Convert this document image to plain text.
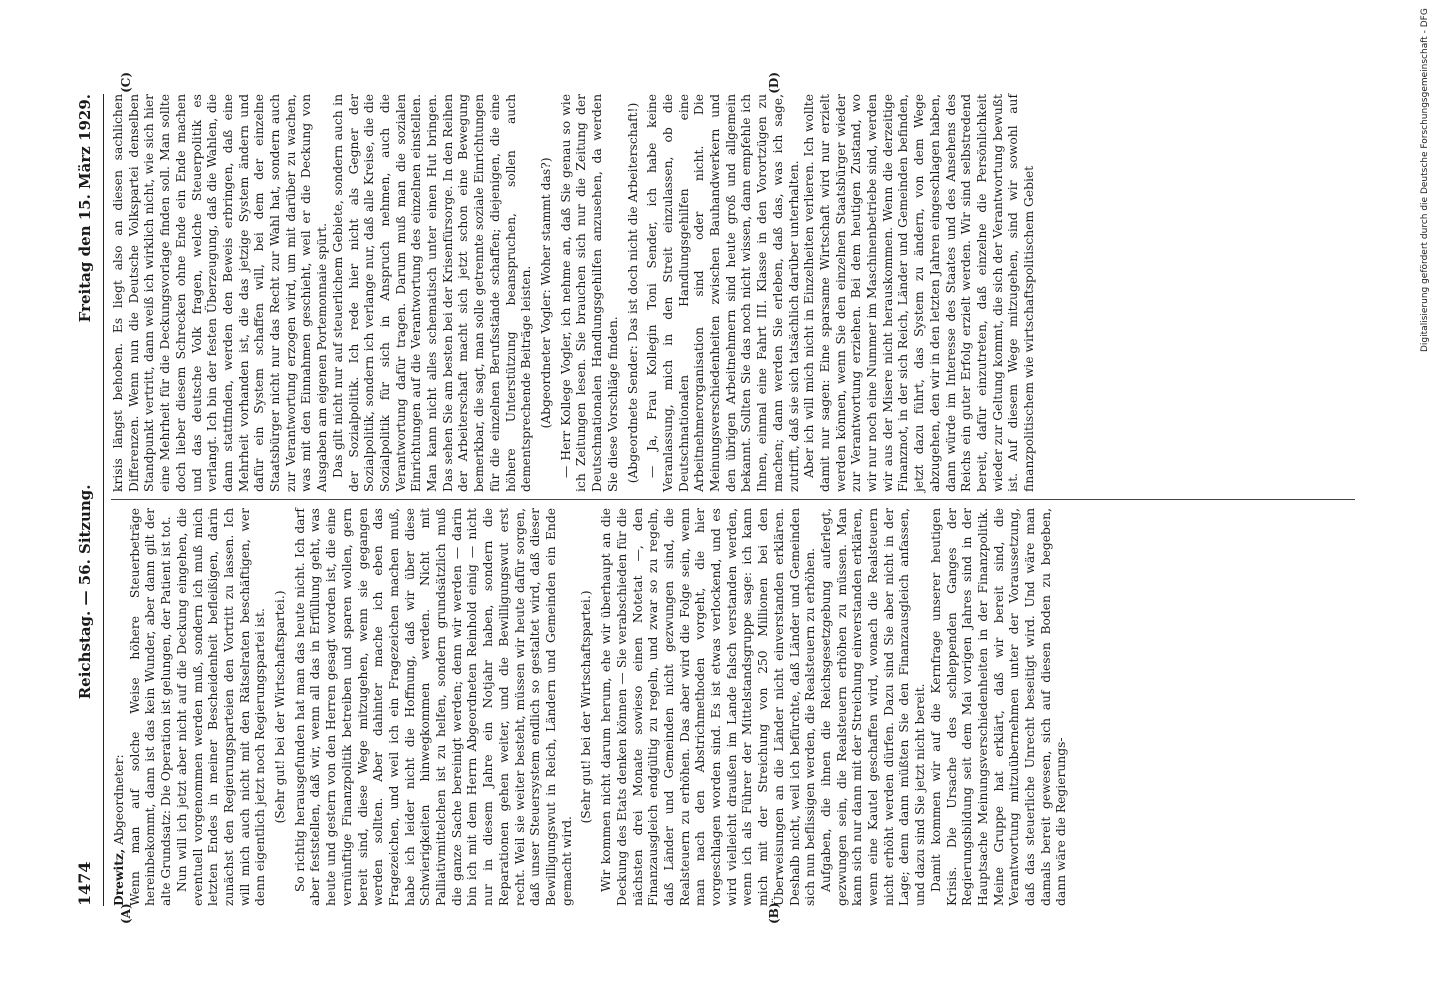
1474
Reichstag. — 56. Sitzung.
Freitag den 15. März 1929.
(A)	(B)
(C)	(D)

Drewitz, Abgeordneter: Wenn man auf solche Weise höhere Steuerbeträge hereinbekommt, dann ist das kein Wunder, aber dann gilt der alte Grundsatz: Die Operation ist gelungen, der Patient ist tot. Nun will ich jetzt aber nicht auf die Deckung eingehen, die eventuell vorgenommen werden muß, sondern ich muß mich letzten Endes in meiner Bescheidenheit befleißigen, darin zunächst den Regierungsparteien den Vortritt zu lassen. Ich will mich auch nicht mit den Rätselraten beschäftigen, wer denn eigentlich jetzt noch Regierungspartei ist. (Sehr gut! bei der Wirtschaftspartei.) So richtig herausgefunden hat man das heute nicht. Ich darf aber feststellen, daß wir, wenn all das in Erfüllung geht, was heute und gestern von den Herren gesagt worden ist, die eine vernünftige Finanzpolitik betreiben und sparen wollen, gern bereit sind, diese Wege mitzugehen, wenn sie gegangen werden sollten. Aber dahinter mache ich eben das Fragezeichen, und weil ich ein Fragezeichen machen muß, habe ich leider nicht die Hoffnung, daß wir über diese Schwierigkeiten hinwegkommen werden. Nicht mit Palliativmittelchen ist zu helfen, sondern grundsätzlich muß die ganze Sache bereinigt werden; denn wir werden — darin bin ich mit dem Herrn Abgeordneten Reinhold einig — nicht nur in diesem Jahre ein Notjahr haben, sondern die Reparationen gehen weiter, und die Bewilligungswut erst recht. Weil sie weiter besteht, müssen wir heute dafür sorgen, daß unser Steuersystem endlich so gestaltet wird, daß dieser Bewilligungswut in Reich, Ländern und Gemeinden ein Ende gemacht wird.

(Sehr gut! bei der Wirtschaftspartei.) Wir kommen nicht darum herum, ehe wir überhaupt an die Deckung des Etats denken können — Sie verabschieden für die nächsten drei Monate sowieso einen Notetat —, den Finanzausgleich endgültig zu regeln, und zwar so zu regeln, daß Länder und Gemeinden nicht gezwungen sind, die Realsteuern zu erhöhen. Das aber wird die Folge sein, wenn man nach den Abstrichmethoden vorgeht, die hier vorgeschlagen worden sind. Es ist etwas verlockend, und es wird vielleicht draußen im Lande falsch verstanden werden, wenn ich als Führer der Mittelstandsgruppe sage: ich kann mich mit der Streichung von 250 Millionen bei den Überweisungen an die Länder nicht einverstanden erklären. Deshalb nicht, weil ich befürchte, daß Länder und Gemeinden sich nun beflissigen werden, die Realsteuern zu erhöhen. Aufgaben, die ihnen die Reichsgesetzgebung auferlegt, gezwungen sein, die Realsteuern erhöhen zu müssen. Man kann sich nur dann mit der Streichung einverstanden erklären, wenn eine Kautel geschaffen wird, wonach die Realsteuern nicht erhöht werden dürfen. Dazu sind Sie aber nicht in der Lage; denn dann müßten Sie den Finanzausgleich anfassen, und dazu sind Sie jetzt nicht bereit. Damit kommen wir auf die Kernfrage unserer heutigen Krisis. Die Ursache des schleppenden Ganges der Regierungsbildung seit dem Mai vorigen Jahres sind in der Hauptsache Meinungsverschiedenheiten in der Finanzpolitik. Meine Gruppe hat erklärt, daß wir bereit sind, die Verantwortung mitzuübernehmen unter der Voraussetzung, daß das steuerliche Unrecht beseitigt wird. Und wäre man damals bereit gewesen, sich auf diesen Boden zu begeben, dann wäre die Regierungs-

krisis längst behoben. Es liegt also an diesen sachlichen Differenzen. Wenn nun die Deutsche Volkspartei denselben Standpunkt vertritt, dann weiß ich wirklich nicht, wie sich hier eine Mehrheit für die Deckungsvorlage finden soll. Man sollte doch lieber diesem Schrecken ohne Ende ein Ende machen und das deutsche Volk fragen, welche Steuerpolitik es verlangt. Ich bin der festen Überzeugung, daß die Wahlen, die dann stattfinden, werden den Beweis erbringen, daß eine Mehrheit vorhanden ist, die das jetzige System ändern und dafür ein System schaffen will, bei dem der einzelne Staatsbürger nicht nur das Recht zur Wahl hat, sondern auch zur Verantwortung erzogen wird, um mit darüber zu wachen, was mit den Einnahmen geschieht, weil er die Deckung von Ausgaben am eigenen Portemonnaie spürt. Das gilt nicht nur auf steuerlichem Gebiete, sondern auch in der Sozialpolitik. Ich rede hier nicht als Gegner der Sozialpolitik, sondern ich verlange nur, daß alle Kreise, die die Sozialpolitik für sich in Anspruch nehmen, auch die Verantwortung dafür tragen. Darum muß man die sozialen Einrichtungen auf die Verantwortung des einzelnen einstellen. Man kann nicht alles schematisch unter einen Hut bringen. Das sehen Sie am besten bei der Krisenfürsorge. In den Reihen der Arbeiterschaft macht sich jetzt schon eine Bewegung bemerkbar, die sagt, man solle getrennte soziale Einrichtungen für die einzelnen Berufsstände schaffen; diejenigen, die eine höhere Unterstützung beanspruchen, sollen auch dementsprechende Beiträge leisten. (Abgeordneter Vogler: Woher stammt das?) — Herr Kollege Vogler, ich nehme an, daß Sie genau so wie ich Zeitungen lesen. Sie brauchen sich nur die Zeitung der Deutschnationalen Handlungsgehilfen anzusehen, da werden Sie diese Vorschläge finden. (Abgeordnete Sender: Das ist doch nicht die Arbeiterschaft!) — Ja, Frau Kollegin Toni Sender, ich habe keine Veranlassung, mich in den Streit einzulassen, ob die Deutschnationalen Handlungsgehilfen eine Arbeitnehmerorganisation sind oder nicht. Die Meinungsverschiedenheiten zwischen Bauhandwerkern und den übrigen Arbeitnehmern sind heute groß und allgemein bekannt. Sollten Sie das noch nicht wissen, dann empfehle ich Ihnen, einmal eine Fahrt III. Klasse in den Vorortzügen zu machen; dann werden Sie erleben, daß das, was ich sage, zutrifft, daß sie sich tatsächlich darüber unterhalten. Aber ich will mich nicht in Einzelheiten verlieren. Ich wollte damit nur sagen: Eine sparsame Wirtschaft wird nur erzielt werden können, wenn Sie den einzelnen Staatsbürger wieder zur Verantwortung erziehen. Bei dem heutigen Zustand, wo wir nur noch eine Nummer im Maschinenbetriebe sind, werden wir aus der Misere nicht herauskommen. Wenn die derzeitige Finanznot, in der sich Reich, Länder und Gemeinden befinden, jetzt dazu führt, das System zu ändern, von dem Wege abzugehen, den wir in den letzten Jahren eingeschlagen haben, dann würde im Interesse des Staates und des Ansehens des Reichs ein guter Erfolg erzielt werden. Wir sind selbstredend bereit, dafür einzutreten, daß einzelne die Persönlichkeit wieder zur Geltung kommt, die sich der Verantwortung bewußt ist. Auf diesem Wege mitzugehen, sind wir sowohl auf finanzpolitischem wie wirtschaftspolitischem Gebiet	Digitalisierung gefördert durch die Deutsche Forschungsgemeinschaft - DFG
